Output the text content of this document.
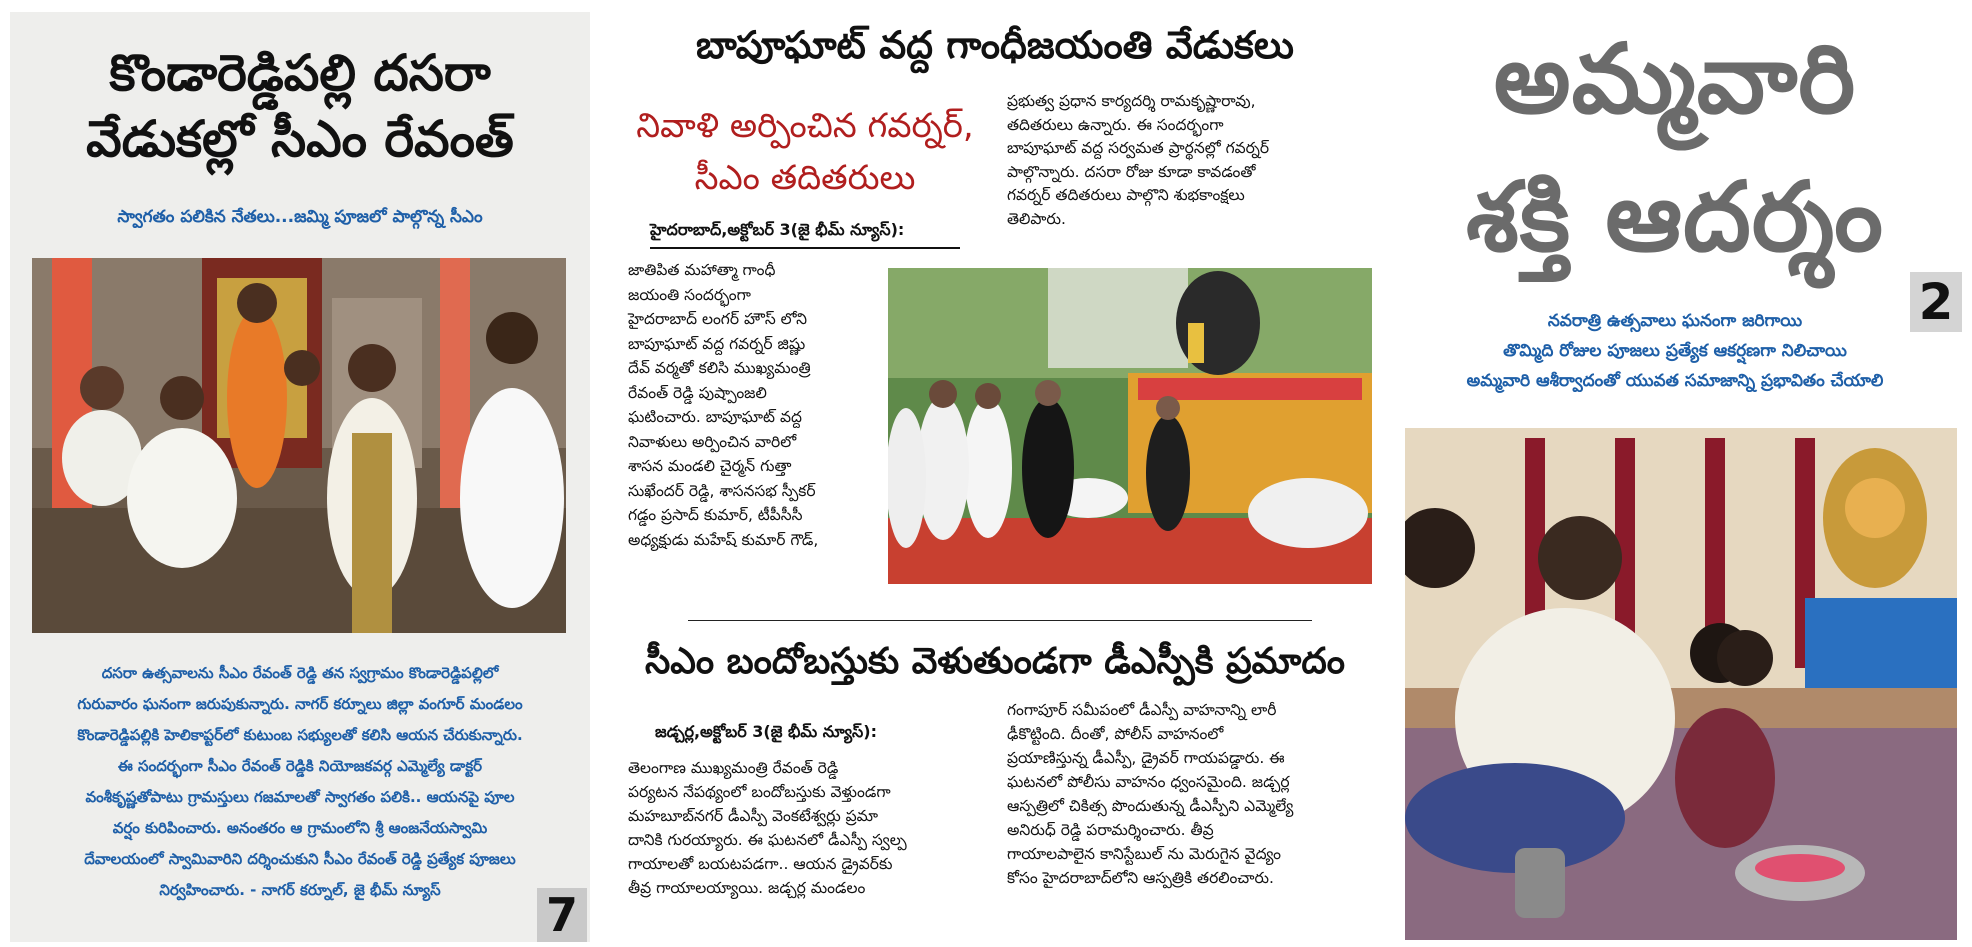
కొండారెడ్డిపల్లి దసరా
వేడుకల్లో సీఎం రేవంత్
స్వాగతం పలికిన నేతలు...జమ్మి పూజలో పాల్గొన్న సీఎం
దసరా ఉత్సవాలను సీఎం రేవంత్ రెడ్డి తన స్వగ్రామం కొండారెడ్డిపల్లిలో
గురువారం ఘనంగా జరుపుకున్నారు. నాగర్ కర్నూలు జిల్లా వంగూర్ మండలం
కొండారెడ్డిపల్లికి హెలికాప్టర్‌లో కుటుంబ సభ్యులతో కలిసి ఆయన చేరుకున్నారు.
ఈ సందర్భంగా సీఎం రేవంత్ రెడ్డికి నియోజకవర్గ ఎమ్మెల్యే డాక్టర్
వంశీకృష్ణతోపాటు గ్రామస్తులు గజమాలతో స్వాగతం పలికి.. ఆయనపై పూల
వర్షం కురిపించారు. అనంతరం ఆ గ్రామంలోని శ్రీ ఆంజనేయస్వామి
దేవాలయంలో స్వామివారిని దర్శించుకుని సీఎం రేవంత్ రెడ్డి ప్రత్యేక పూజలు
నిర్వహించారు. - నాగర్ కర్నూల్, జై భీమ్ న్యూస్	7
బాపూఘాట్ వద్ద గాంధీజయంతి వేడుకలు
నివాళి అర్పించిన గవర్నర్,
సీఎం తదితరులు
హైదరాబాద్,అక్టోబర్ 3(జై భీమ్ న్యూస్):
జాతిపిత మహాత్మా గాంధీ
జయంతి సందర్భంగా
హైదరాబాద్ లంగర్ హౌస్ లోని
బాపూఘాట్ వద్ద గవర్నర్ జిష్ణు
దేవ్ వర్మతో కలిసి ముఖ్యమంత్రి
రేవంత్ రెడ్డి పుష్పాంజలి
ఘటించారు. బాపూఘాట్ వద్ద
నివాళులు అర్పించిన వారిలో
శాసన మండలి చైర్మన్ గుత్తా
సుఖేందర్ రెడ్డి, శాసనసభ స్పీకర్
గడ్డం ప్రసాద్ కుమార్, టీపీసీసీ
అధ్యక్షుడు మహేష్ కుమార్ గౌడ్,
ప్రభుత్వ ప్రధాన కార్యదర్శి రామకృష్ణారావు,
తదితరులు ఉన్నారు. ఈ సందర్భంగా
బాపూఘాట్ వద్ద సర్వమత ప్రార్థనల్లో గవర్నర్
పాల్గొన్నారు. దసరా రోజు కూడా కావడంతో
గవర్నర్ తదితరులు పాల్గొని శుభకాంక్షలు
తెలిపారు.
సీఎం బందోబస్తుకు వెళుతుండగా డీఎస్పీకి ప్రమాదం
జడ్చర్ల,అక్టోబర్ 3(జై భీమ్ న్యూస్):
తెలంగాణ ముఖ్యమంత్రి రేవంత్ రెడ్డి
పర్యటన నేపథ్యంలో బందోబస్తుకు వెళ్తుండగా
మహబూబ్‌నగర్ డీఎస్పీ వెంకటేశ్వర్లు ప్రమా
దానికి గురయ్యారు. ఈ ఘటనలో డీఎస్పీ స్వల్ప
గాయాలతో బయటపడగా.. ఆయన డ్రైవర్‌కు
తీవ్ర గాయాలయ్యాయి. జడ్చర్ల మండలం
గంగాపూర్ సమీపంలో డీఎస్పీ వాహనాన్ని లారీ
ఢీకొట్టింది. దీంతో, పోలీస్ వాహనంలో
ప్రయాణిస్తున్న డీఎస్పీ, డ్రైవర్ గాయపడ్డారు. ఈ
ఘటనలో పోలీసు వాహనం ధ్వంసమైంది. జడ్చర్ల
ఆస్పత్రిలో చికిత్స పొందుతున్న డీఎస్పీని ఎమ్మెల్యే
అనిరుధ్ రెడ్డి పరామర్శించారు. తీవ్ర
గాయాలపాలైన కానిస్టేబుల్ ను మెరుగైన వైద్యం
కోసం హైదరాబాద్‌లోని ఆస్పత్రికి తరలించారు.
అమ్మవారి
శక్తి ఆదర్శం
2
నవరాత్రి ఉత్సవాలు ఘనంగా జరిగాయి
తొమ్మిది రోజుల పూజలు ప్రత్యేక ఆకర్షణగా నిలిచాయి
అమ్మవారి ఆశీర్వాదంతో యువత సమాజాన్ని ప్రభావితం చేయాలి
